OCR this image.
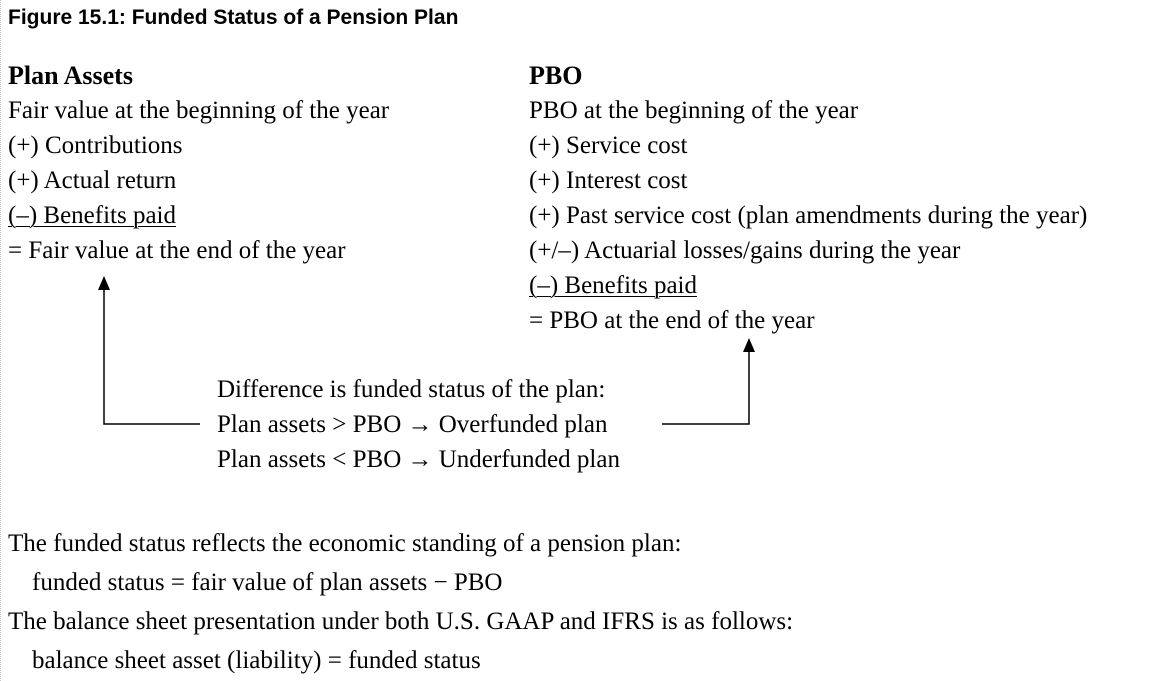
Figure 15.1: Funded Status of a Pension Plan
Plan Assets
Fair value at the beginning of the year
(+) Contributions
(+) Actual return
(–) Benefits paid
= Fair value at the end of the year
PBO
PBO at the beginning of the year
(+) Service cost
(+) Interest cost
(+) Past service cost (plan amendments during the year)
(+/–) Actuarial losses/gains during the year
(–) Benefits paid
= PBO at the end of the year
Difference is funded status of the plan:
Plan assets > PBO → Overfunded plan
Plan assets < PBO → Underfunded plan
The funded status reflects the economic standing of a pension plan:
funded status = fair value of plan assets − PBO
The balance sheet presentation under both U.S. GAAP and IFRS is as follows:
balance sheet asset (liability) = funded status
